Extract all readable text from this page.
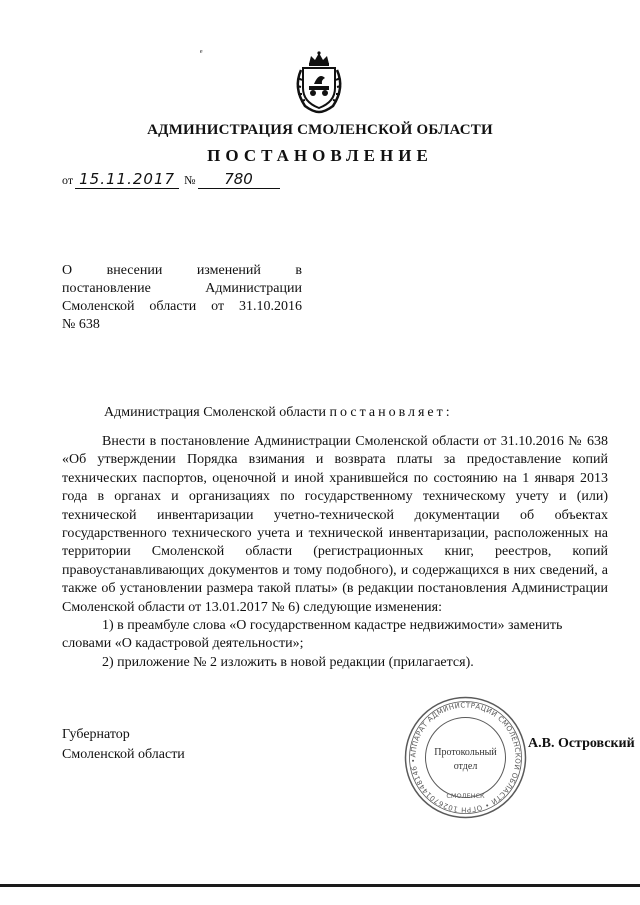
ₑ
АДМИНИСТРАЦИЯ СМОЛЕНСКОЙ ОБЛАСТИ
ПОСТАНОВЛЕНИЕ
от 15.11.2017 № 780

О внесении изменений в

постановление Администрации

Смоленской области от 31.10.2016

№ 638

Администрация Смоленской области постановляет:

Внести в постановление Администрации Смоленской области от 31.10.2016 № 638 «Об утверждении Порядка взимания и возврата платы за предоставление копий технических паспортов, оценочной и иной хранившейся по состоянию на 1 января 2013 года в органах и организациях по государственному техническому учету и (или) технической инвентаризации учетно-технической документации об объектах государственного технического учета и технической инвентаризации, расположенных на территории Смоленской области (регистрационных книг, реестров, копий правоустанавливающих документов и тому подобного), и содержащихся в них сведений, а также об установлении размера такой платы» (в редакции постановления Администрации Смоленской области от 13.01.2017 № 6) следующие изменения:

1) в преамбуле слова «О государственном кадастре недвижимости» заменить

словами «О кадастровой деятельности»;

2) приложение № 2 изложить в новой редакции (прилагается).

Губернатор
Смоленской области	АППАРАТ АДМИНИСТРАЦИИ СМОЛЕНСКОЙ ОБЛАСТИ • ОГРН 1026701448146 •
СМОЛЕНСК
Протокольный
отдел
А.В. Островский
